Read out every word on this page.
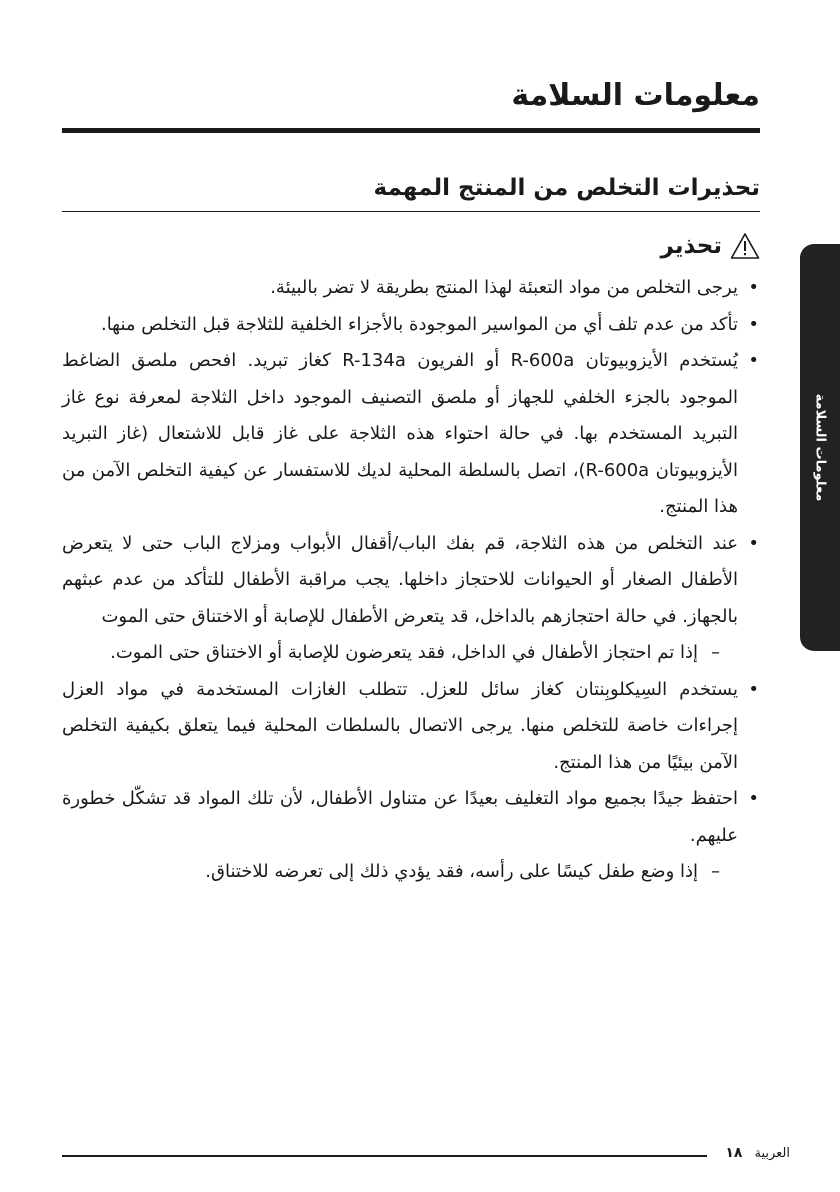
معلومات السلامة
تحذيرات التخلص من المنتج المهمة
تحذير
•
يرجى التخلص من مواد التعبئة لهذا المنتج بطريقة لا تضر بالبيئة.
•
تأكد من عدم تلف أي من المواسير الموجودة بالأجزاء الخلفية للثلاجة قبل التخلص منها.
•
يُستخدم الأيزوبيوتان R-600a أو الفريون R-134a كغاز تبريد. افحص ملصق الضاغط الموجود بالجزء الخلفي للجهاز أو ملصق التصنيف الموجود داخل الثلاجة لمعرفة نوع غاز التبريد المستخدم بها. في حالة احتواء هذه الثلاجة على غاز قابل للاشتعال (غاز التبريد الأيزوبيوتان R-600a)، اتصل بالسلطة المحلية لديك للاستفسار عن كيفية التخلص الآمن من هذا المنتج.
•
عند التخلص من هذه الثلاجة، قم بفك الباب/أقفال الأبواب ومزلاج الباب حتى لا يتعرض الأطفال الصغار أو الحيوانات للاحتجاز داخلها. يجب مراقبة الأطفال للتأكد من عدم عبثهم بالجهاز. في حالة احتجازهم بالداخل، قد يتعرض الأطفال للإصابة أو الاختناق حتى الموت
–
إذا تم احتجاز الأطفال في الداخل، فقد يتعرضون للإصابة أو الاختناق حتى الموت.
•
يستخدم السِيكلوبِنتان كغاز سائل للعزل. تتطلب الغازات المستخدمة في مواد العزل إجراءات خاصة للتخلص منها. يرجى الاتصال بالسلطات المحلية فيما يتعلق بكيفية التخلص الآمن بيئيًا من هذا المنتج.
•
احتفظ جيدًا بجميع مواد التغليف بعيدًا عن متناول الأطفال، لأن تلك المواد قد تشكّل خطورة عليهم.
–
إذا وضع طفل كيسًا على رأسه، فقد يؤدي ذلك إلى تعرضه للاختناق.
معلومات السلامة
١٨ العربية
